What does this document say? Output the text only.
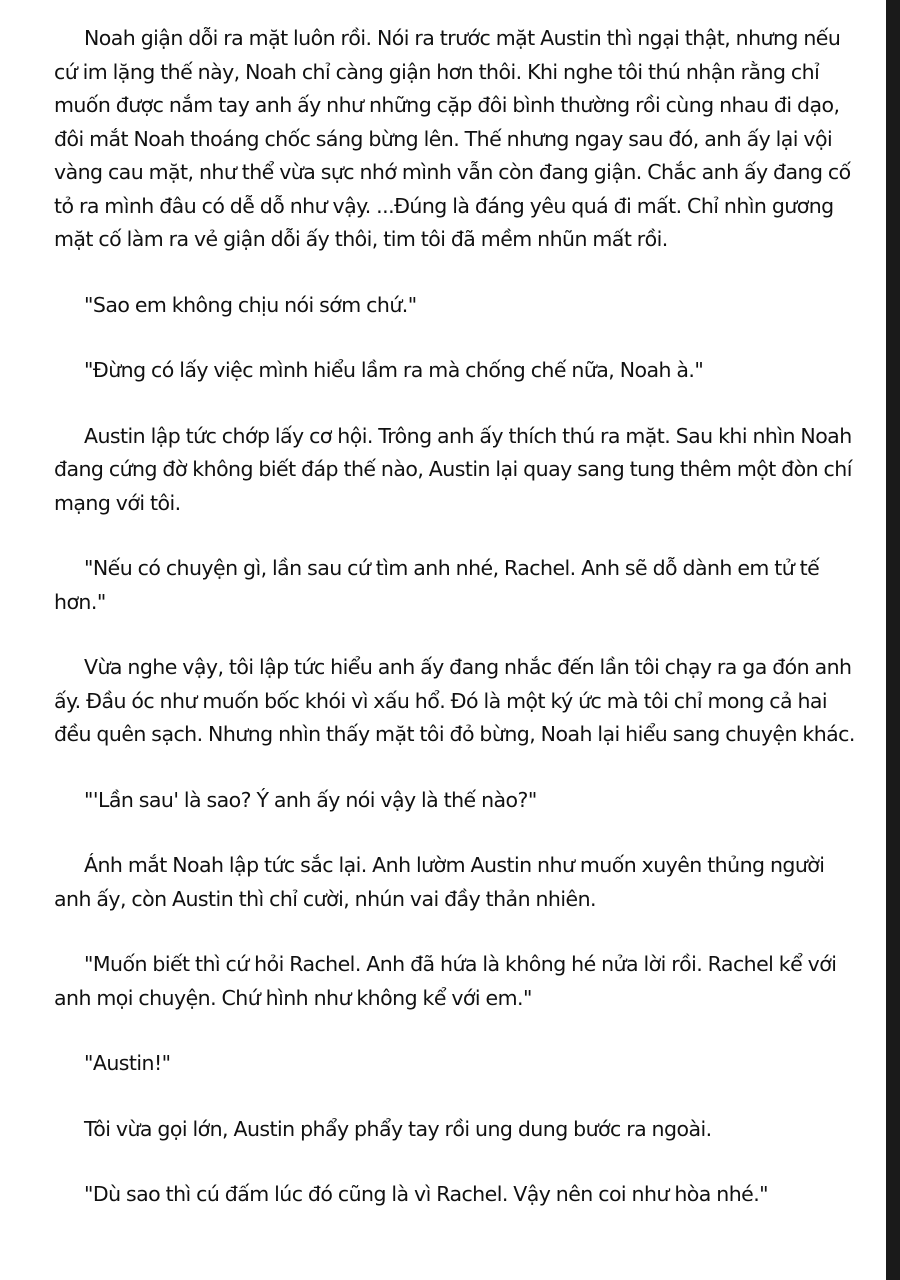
Noah giận dỗi ra mặt luôn rồi. Nói ra trước mặt Austin thì ngại thật, nhưng nếu cứ im lặng thế này, Noah chỉ càng giận hơn thôi. Khi nghe tôi thú nhận rằng chỉ muốn được nắm tay anh ấy như những cặp đôi bình thường rồi cùng nhau đi dạo, đôi mắt Noah thoáng chốc sáng bừng lên. Thế nhưng ngay sau đó, anh ấy lại vội vàng cau mặt, như thể vừa sực nhớ mình vẫn còn đang giận. Chắc anh ấy đang cố tỏ ra mình đâu có dễ dỗ như vậy. ...Đúng là đáng yêu quá đi mất. Chỉ nhìn gương mặt cố làm ra vẻ giận dỗi ấy thôi, tim tôi đã mềm nhũn mất rồi.

"Sao em không chịu nói sớm chứ."

"Đừng có lấy việc mình hiểu lầm ra mà chống chế nữa, Noah à."

Austin lập tức chớp lấy cơ hội. Trông anh ấy thích thú ra mặt. Sau khi nhìn Noah đang cứng đờ không biết đáp thế nào, Austin lại quay sang tung thêm một đòn chí mạng với tôi.

"Nếu có chuyện gì, lần sau cứ tìm anh nhé, Rachel. Anh sẽ dỗ dành em tử tế hơn."

Vừa nghe vậy, tôi lập tức hiểu anh ấy đang nhắc đến lần tôi chạy ra ga đón anh ấy. Đầu óc như muốn bốc khói vì xấu hổ. Đó là một ký ức mà tôi chỉ mong cả hai đều quên sạch. Nhưng nhìn thấy mặt tôi đỏ bừng, Noah lại hiểu sang chuyện khác.

"'Lần sau' là sao? Ý anh ấy nói vậy là thế nào?"

Ánh mắt Noah lập tức sắc lại. Anh lườm Austin như muốn xuyên thủng người anh ấy, còn Austin thì chỉ cười, nhún vai đầy thản nhiên.

"Muốn biết thì cứ hỏi Rachel. Anh đã hứa là không hé nửa lời rồi. Rachel kể với anh mọi chuyện. Chứ hình như không kể với em."

"Austin!"

Tôi vừa gọi lớn, Austin phẩy phẩy tay rồi ung dung bước ra ngoài.

"Dù sao thì cú đấm lúc đó cũng là vì Rachel. Vậy nên coi như hòa nhé."
